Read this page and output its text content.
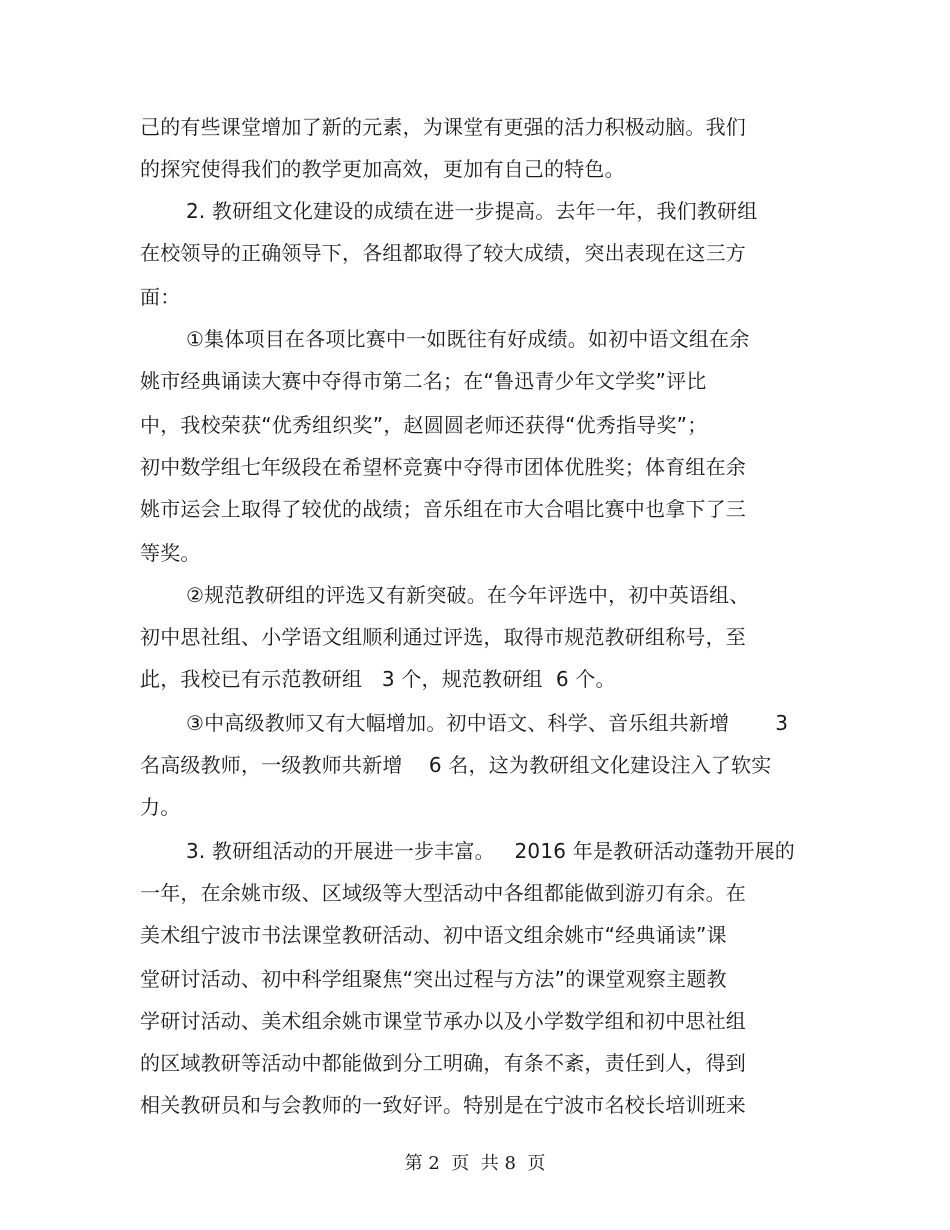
己的有些课堂增加了新的元素，为课堂有更强的活力积极动脑。我们
的探究使得我们的教学更加高效，更加有自己的特色。
2. 教研组文化建设的成绩在进一步提高。去年一年，我们教研组
在校领导的正确领导下，各组都取得了较大成绩，突出表现在这三方
面：
①集体项目在各项比赛中一如既往有好成绩。如初中语文组在余
姚市经典诵读大赛中夺得市第二名；在“鲁迅青少年文学奖”评比
中，我校荣获“优秀组织奖”，赵圆圆老师还获得“优秀指导奖”；
初中数学组七年级段在希望杯竞赛中夺得市团体优胜奖；体育组在余
姚市运会上取得了较优的战绩；音乐组在市大合唱比赛中也拿下了三
等奖。
②规范教研组的评选又有新突破。在今年评选中，初中英语组、
初中思社组、小学语文组顺利通过评选，取得市规范教研组称号，至
此，我校已有示范教研组   3 个，规范教研组  6 个。
③中高级教师又有大幅增加。初中语文、科学、音乐组共新增       3
名高级教师，一级教师共新增    6 名，这为教研组文化建设注入了软实
力。
3. 教研组活动的开展进一步丰富。   2016 年是教研活动蓬勃开展的
一年，在余姚市级、区域级等大型活动中各组都能做到游刃有余。在
美术组宁波市书法课堂教研活动、初中语文组余姚市“经典诵读”课
堂研讨活动、初中科学组聚焦“突出过程与方法”的课堂观察主题教
学研讨活动、美术组余姚市课堂节承办以及小学数学组和初中思社组
的区域教研等活动中都能做到分工明确，有条不紊，责任到人，得到
相关教研员和与会教师的一致好评。特别是在宁波市名校长培训班来
第 2  页  共 8  页
